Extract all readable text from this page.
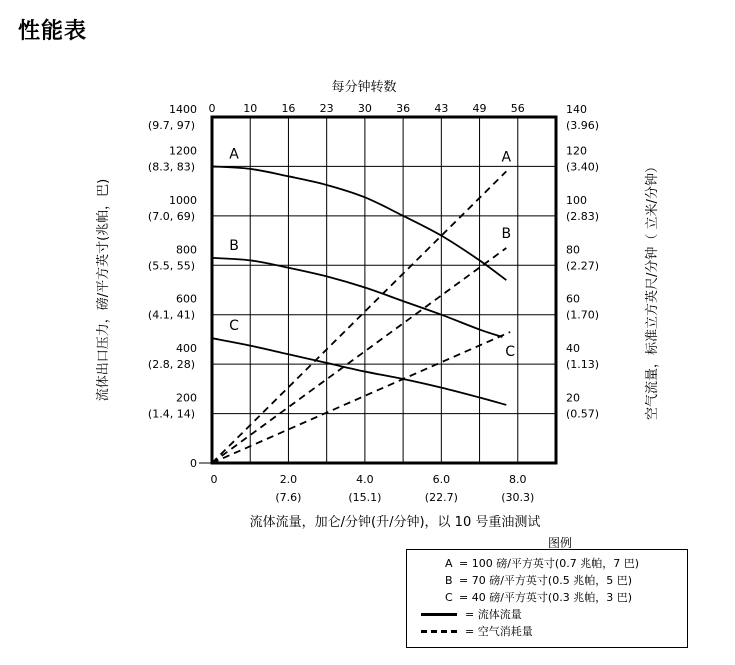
性能表
A
B
C
A
B
C
0	10 16 23 30 36 43 49 56
1400
(9.7, 97)
1200
(8.3, 83)
1000
(7.0, 69)
800
(5.5, 55)
600
(4.1, 41)
400
(2.8, 28)
200
(1.4, 14)
0
140
(3.96)
120
(3.40)
100
(2.83)
80
(2.27)
60
(1.70)
40
(1.13)
20
(0.57)
0	2.0
(7.6)
4.0
(15.1)
6.0
(22.7)
8.0
(30.3)
每分钟转数
流体流量，加仑/分钟(升/分钟)，以 10 号重油测试
流体出口压力，磅/平方英寸(兆帕，巴)	空气流量，标准立方英尺/分钟（ 立米/分钟）
图例
A = 100 磅/平方英寸(0.7 兆帕，7 巴)
B = 70 磅/平方英寸(0.5 兆帕，5 巴)
C = 40 磅/平方英寸(0.3 兆帕，3 巴)
= 流体流量
= 空气消耗量
